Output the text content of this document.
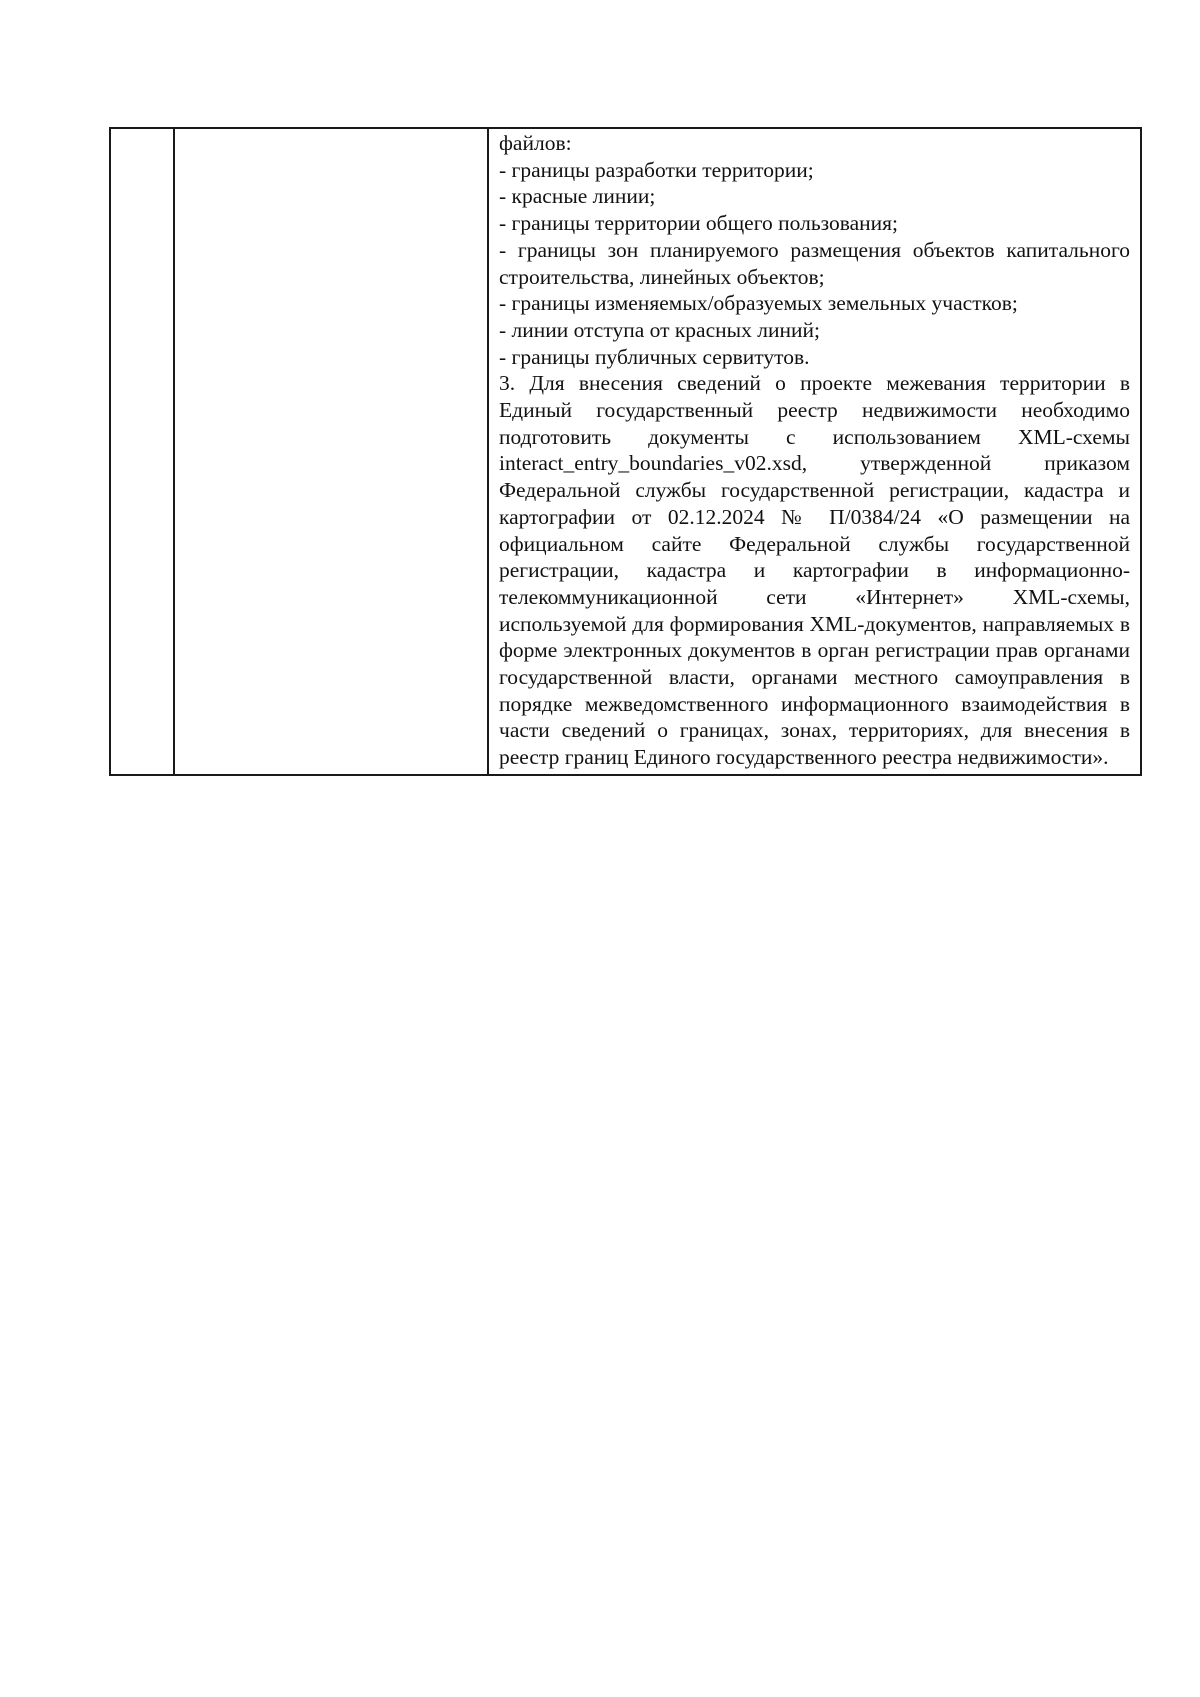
файлов:

- границы разработки территории;

- красные линии;

- границы территории общего пользования;

- границы зон планируемого размещения объектов капитального строительства, линейных объектов;

- границы изменяемых/образуемых земельных участков;

- линии отступа от красных линий;

- границы публичных сервитутов.

3. Для внесения сведений о проекте межевания территории в Единый государственный реестр недвижимости необходимо подготовить документы с использованием XML-схемы interact_entry_boundaries_v02.xsd, утвержденной приказом Федеральной службы государственной регистрации, кадастра и картографии от 02.12.2024 № П/0384/24 «О размещении на официальном сайте Федеральной службы государственной регистрации, кадастра и картографии в информационно-телекоммуникационной сети «Интернет» XML-схемы, используемой для формирования XML-документов, направляемых в форме электронных документов в орган регистрации прав органами государственной власти, органами местного самоуправления в порядке межведомственного информационного взаимодействия в части сведений о границах, зонах, территориях, для внесения в реестр границ Единого государственного реестра недвижимости».
